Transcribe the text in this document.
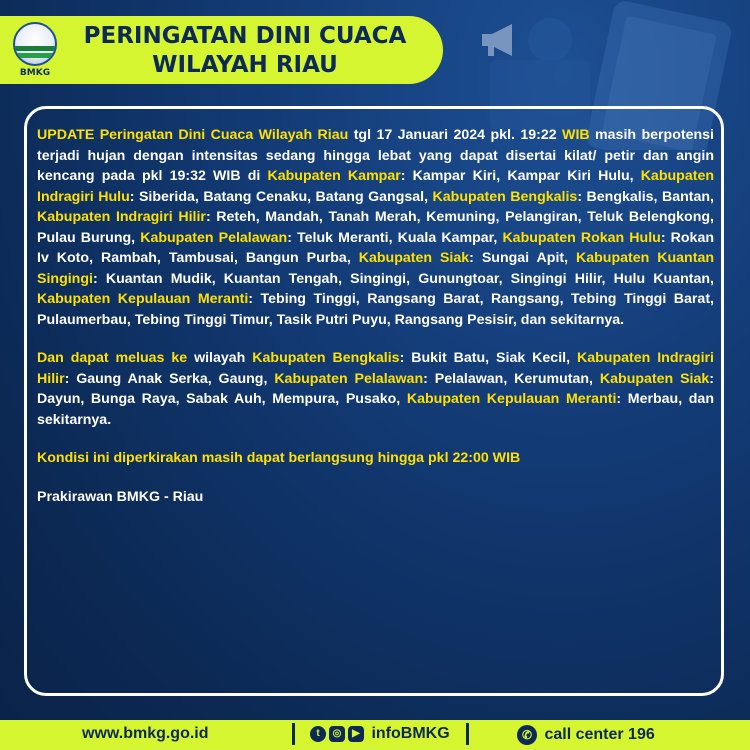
BMKG
PERINGATAN DINI CUACA
WILAYAH RIAU

UPDATE Peringatan Dini Cuaca Wilayah Riau tgl 17 Januari 2024 pkl. 19:22 WIB masih berpotensi terjadi hujan dengan intensitas sedang hingga lebat yang dapat disertai kilat/ petir dan angin kencang pada pkl 19:32 WIB di Kabupaten Kampar: Kampar Kiri, Kampar Kiri Hulu, Kabupaten Indragiri Hulu: Siberida, Batang Cenaku, Batang Gangsal, Kabupaten Bengkalis: Bengkalis, Bantan, Kabupaten Indragiri Hilir: Reteh, Mandah, Tanah Merah, Kemuning, Pelangiran, Teluk Belengkong, Pulau Burung, Kabupaten Pelalawan: Teluk Meranti, Kuala Kampar, Kabupaten Rokan Hulu: Rokan Iv Koto, Rambah, Tambusai, Bangun Purba, Kabupaten Siak: Sungai Apit, Kabupaten Kuantan Singingi: Kuantan Mudik, Kuantan Tengah, Singingi, Gunungtoar, Singingi Hilir, Hulu Kuantan, Kabupaten Kepulauan Meranti: Tebing Tinggi, Rangsang Barat, Rangsang, Tebing Tinggi Barat, Pulaumerbau, Tebing Tinggi Timur, Tasik Putri Puyu, Rangsang Pesisir, dan sekitarnya.

Dan dapat meluas ke wilayah Kabupaten Bengkalis: Bukit Batu, Siak Kecil, Kabupaten Indragiri Hilir: Gaung Anak Serka, Gaung, Kabupaten Pelalawan: Pelalawan, Kerumutan, Kabupaten Siak: Dayun, Bunga Raya, Sabak Auh, Mempura, Pusako, Kabupaten Kepulauan Meranti: Merbau, dan sekitarnya.

Kondisi ini diperkirakan masih dapat berlangsung hingga pkl 22:00 WIB

Prakirawan BMKG - Riau

www.bmkg.go.id	t ◎ ▶ infoBMKG	✆ call center 196
